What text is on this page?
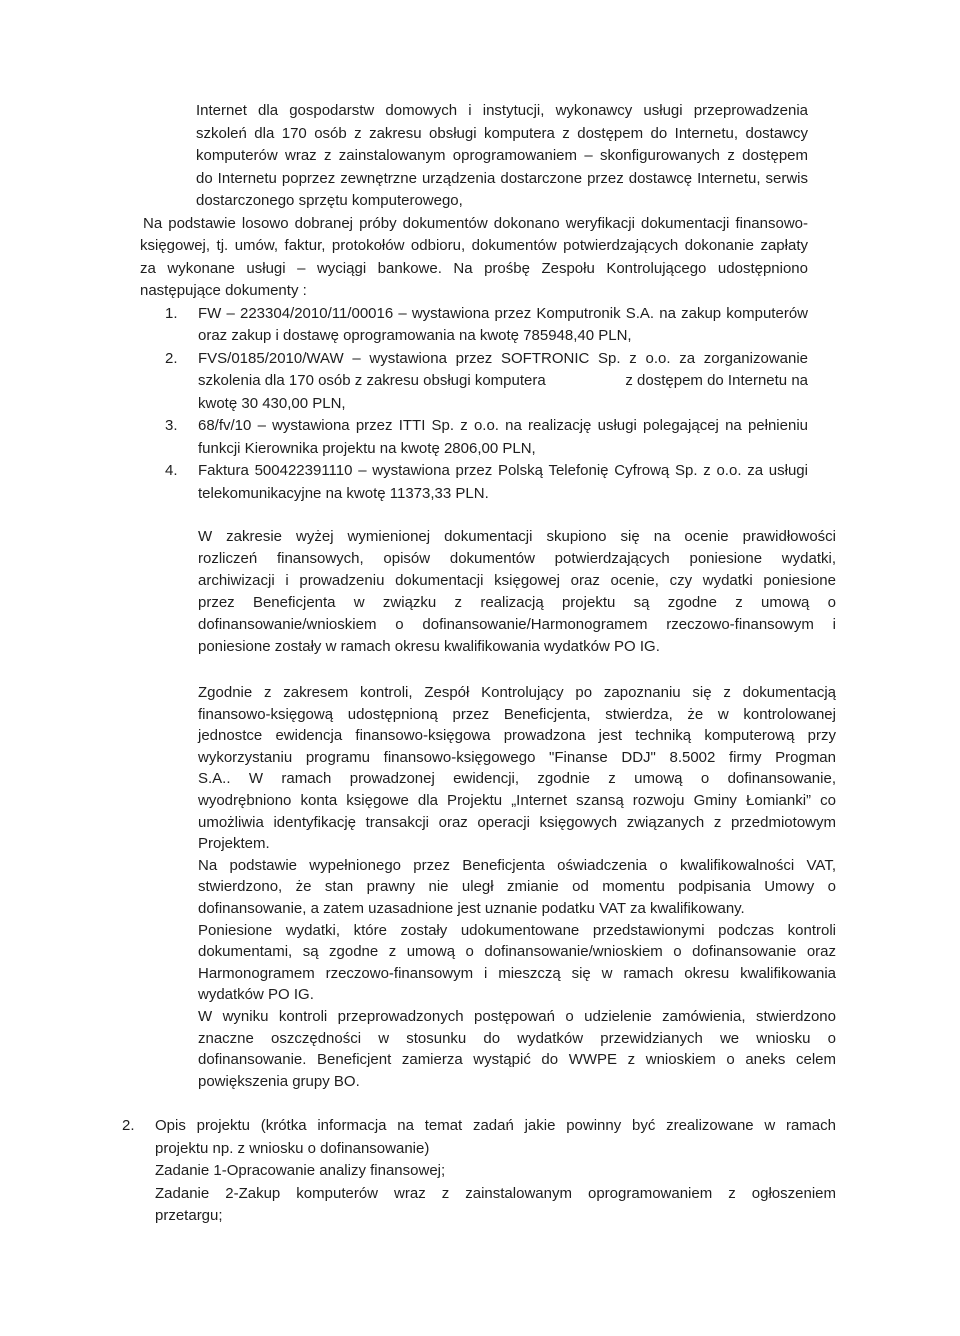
Internet dla gospodarstw domowych i instytucji, wykonawcy usługi przeprowadzenia
szkoleń dla 170 osób z zakresu obsługi komputera z dostępem do Internetu, dostawcy
komputerów wraz z zainstalowanym oprogramowaniem – skonfigurowanych z dostępem
do Internetu poprzez zewnętrzne urządzenia dostarczone przez dostawcę Internetu, serwis
dostarczonego sprzętu komputerowego,
Na podstawie losowo dobranej próby dokumentów dokonano weryfikacji dokumentacji finansowo-
księgowej, tj. umów, faktur, protokołów odbioru, dokumentów potwierdzających dokonanie zapłaty
za wykonane usługi – wyciągi bankowe. Na prośbę Zespołu Kontrolującego udostępniono
następujące dokumenty :
1. FW – 223304/2010/11/00016 – wystawiona przez Komputronik S.A. na zakup komputerów
oraz zakup i dostawę oprogramowania na kwotę 785948,40 PLN,
2. FVS/0185/2010/WAW – wystawiona przez SOFTRONIC Sp. z o.o. za zorganizowanie
szkolenia dla 170 osób z zakresu obsługi komputera	z dostępem do Internetu na
kwotę 30 430,00 PLN,
3. 68/fv/10 – wystawiona przez ITTI Sp. z o.o. na realizację usługi polegającej na pełnieniu
funkcji Kierownika projektu na kwotę 2806,00 PLN,
4. Faktura 500422391110 – wystawiona przez Polską Telefonię Cyfrową Sp. z o.o. za usługi
telekomunikacyjne na kwotę 11373,33 PLN.
W zakresie wyżej wymienionej dokumentacji skupiono się na ocenie prawidłowości
rozliczeń finansowych, opisów dokumentów potwierdzających poniesione wydatki,
archiwizacji i prowadzeniu dokumentacji księgowej oraz ocenie, czy wydatki poniesione
przez Beneficjenta w związku z realizacją projektu są zgodne z umową o
dofinansowanie/wnioskiem o dofinansowanie/Harmonogramem rzeczowo-finansowym i
poniesione zostały w ramach okresu kwalifikowania wydatków PO IG.
Zgodnie z zakresem kontroli, Zespół Kontrolujący po zapoznaniu się z dokumentacją
finansowo-księgową udostępnioną przez Beneficjenta, stwierdza, że w kontrolowanej
jednostce ewidencja finansowo-księgowa prowadzona jest techniką komputerową przy
wykorzystaniu programu finansowo-księgowego "Finanse DDJ" 8.5002 firmy Progman
S.A.. W ramach prowadzonej ewidencji, zgodnie z umową o dofinansowanie,
wyodrębniono konta księgowe dla Projektu „Internet szansą rozwoju Gminy Łomianki” co
umożliwia identyfikację transakcji oraz operacji księgowych związanych z przedmiotowym
Projektem.
Na podstawie wypełnionego przez Beneficjenta oświadczenia o kwalifikowalności VAT,
stwierdzono, że stan prawny nie uległ zmianie od momentu podpisania Umowy o
dofinansowanie, a zatem uzasadnione jest uznanie podatku VAT za kwalifikowany.
Poniesione wydatki, które zostały udokumentowane przedstawionymi podczas kontroli
dokumentami, są zgodne z umową o dofinansowanie/wnioskiem o dofinansowanie oraz
Harmonogramem rzeczowo-finansowym i mieszczą się w ramach okresu kwalifikowania
wydatków PO IG.
W wyniku kontroli przeprowadzonych postępowań o udzielenie zamówienia, stwierdzono
znaczne oszczędności w stosunku do wydatków przewidzianych we wniosku o
dofinansowanie. Beneficjent zamierza wystąpić do WWPE z wnioskiem o aneks celem
powiększenia grupy BO.
2. Opis projektu (krótka informacja na temat zadań jakie powinny być zrealizowane w ramach
projektu np. z wniosku o dofinansowanie)
Zadanie 1-Opracowanie analizy finansowej;
Zadanie 2-Zakup komputerów wraz z zainstalowanym oprogramowaniem z ogłoszeniem
przetargu;
